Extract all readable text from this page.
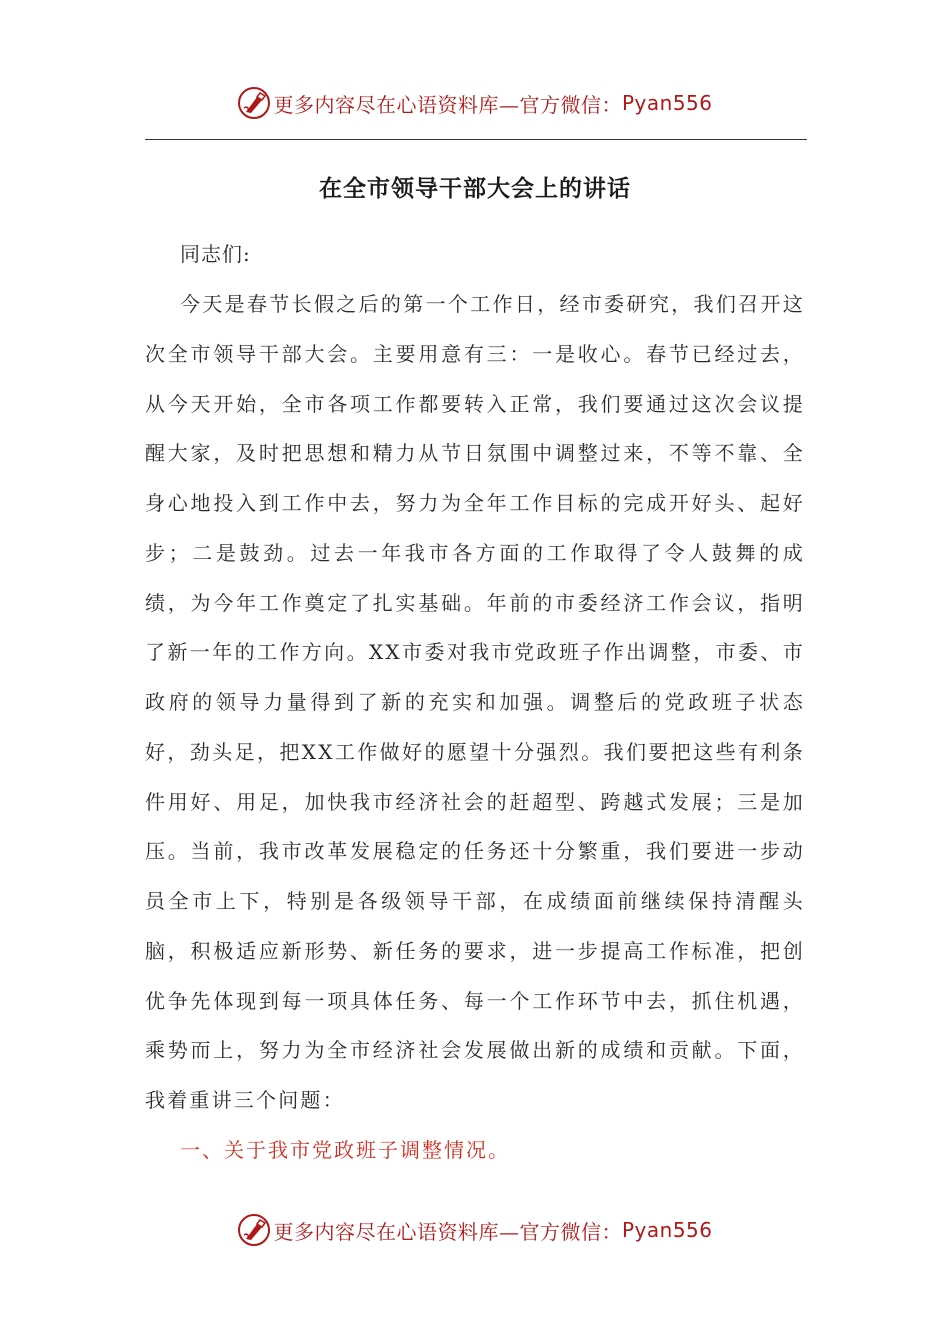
更多内容尽在心语资料库—官方微信： Pyan556
在全市领导干部大会上的讲话
同志们:

今天是春节长假之后的第一个工作日，经市委研究，我们召开这次全市领导干部大会。主要用意有三：一是收心。春节已经过去，从今天开始，全市各项工作都要转入正常，我们要通过这次会议提醒大家，及时把思想和精力从节日氛围中调整过来，不等不靠、全身心地投入到工作中去，努力为全年工作目标的完成开好头、起好步；二是鼓劲。过去一年我市各方面的工作取得了令人鼓舞的成绩，为今年工作奠定了扎实基础。年前的市委经济工作会议，指明了新一年的工作方向。XX市委对我市党政班子作出调整，市委、市政府的领导力量得到了新的充实和加强。调整后的党政班子状态好，劲头足，把XX工作做好的愿望十分强烈。我们要把这些有利条件用好、用足，加快我市经济社会的赶超型、跨越式发展；三是加压。当前，我市改革发展稳定的任务还十分繁重，我们要进一步动员全市上下，特别是各级领导干部，在成绩面前继续保持清醒头脑，积极适应新形势、新任务的要求，进一步提高工作标准，把创优争先体现到每一项具体任务、每一个工作环节中去，抓住机遇，乘势而上，努力为全市经济社会发展做出新的成绩和贡献。下面，我着重讲三个问题：

一、关于我市党政班子调整情况。
更多内容尽在心语资料库—官方微信： Pyan556
